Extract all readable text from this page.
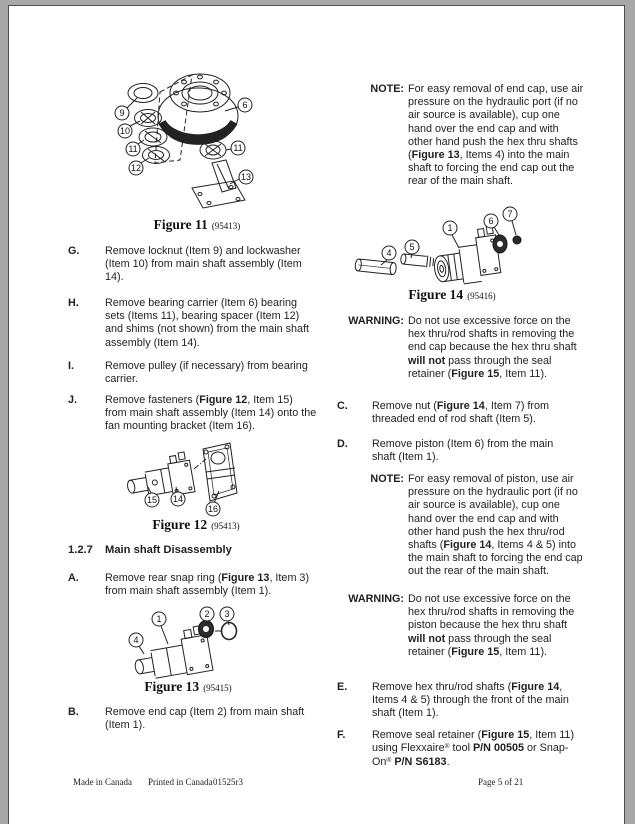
9
10
11
12
6
11
13
Figure 11 (95413)
G.	Remove locknut (Item 9) and lockwasher (Item 10) from main shaft assembly (Item 14).
H.	Remove bearing carrier (Item 6) bearing sets (Items 11), bearing spacer (Item 12) and shims (not shown) from the main shaft assembly (Item 14).
I.	Remove pulley (if necessary) from bearing carrier.
J.	Remove fasteners (Figure 12, Item 15) from main shaft assembly (Item 14) onto the fan mounting bracket (Item 16).
15 14
16
Figure 12 (95413)
1.2.7	Main shaft Disassembly
A.	Remove rear snap ring (Figure 13, Item 3) from main shaft assembly (Item 1).
4
1	2 3
Figure 13 (95415)
B.	Remove end cap (Item 2) from main shaft (Item 1).
NOTE: For easy removal of end cap, use air pressure on the hydraulic port (if no air source is available), cup one hand over the end cap and with other hand push the hex thru shafts (Figure 13, Items 4) into the main shaft to forcing the end cap out the rear of the main shaft.
4
5
1
6
7
Figure 14 (95416)
WARNING: Do not use excessive force on the hex thru/rod shafts in removing the end cap because the hex thru shaft will not pass through the seal retainer (Figure 15, Item 11).
C.	Remove nut (Figure 14, Item 7) from threaded end of rod shaft (Item 5).
D.	Remove piston (Item 6) from the main shaft (Item 1).
NOTE: For easy removal of piston, use air pressure on the hydraulic port (if no air source is available), cup one hand over the end cap and with other hand push the hex thru/rod shafts (Figure 14, Items 4 & 5) into the main shaft to forcing the end cap out the rear of the main shaft.
WARNING: Do not use excessive force on the hex thru/rod shafts in removing the piston because the hex thru shaft will not pass through the seal retainer (Figure 15, Item 11).
E.	Remove hex thru/rod shafts (Figure 14, Items 4 & 5) through the front of the main shaft (Item 1).
F.	Remove seal retainer (Figure 15, Item 11) using Flexxaire® tool P/N 00505 or Snap-On® P/N S6183.
Made in Canada Printed in Canada 01525r3	Page 5 of 21
